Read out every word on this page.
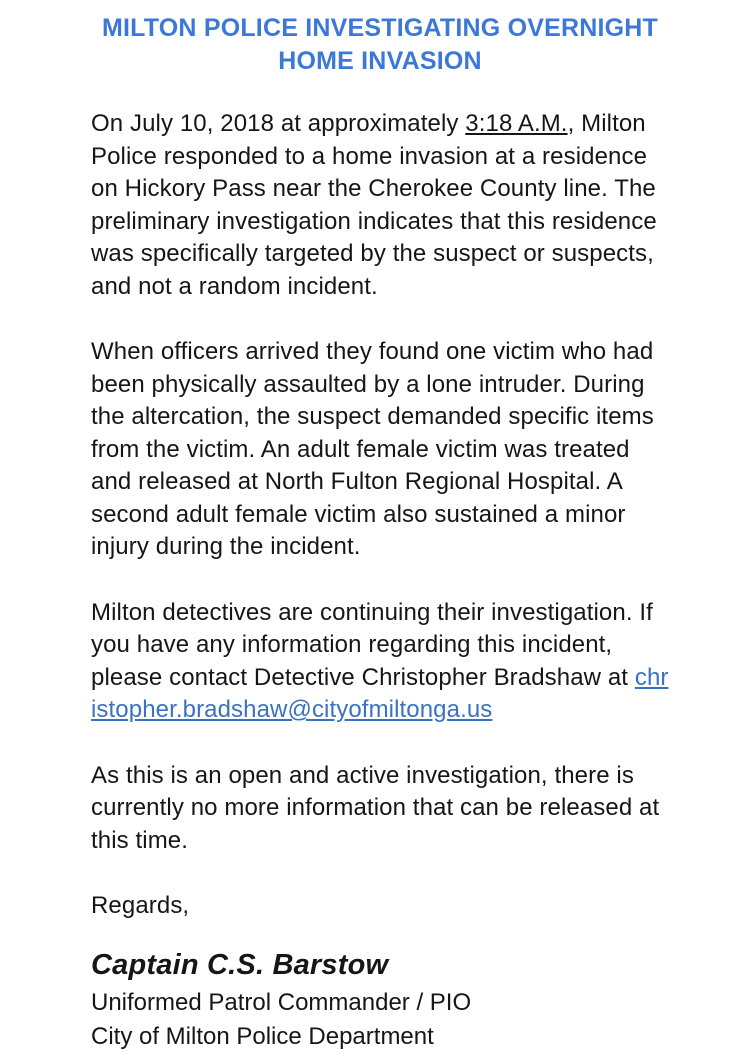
MILTON POLICE INVESTIGATING OVERNIGHT HOME INVASION

On July 10, 2018 at approximately 3:18 A.M., Milton Police responded to a home invasion at a residence on Hickory Pass near the Cherokee County line. The preliminary investigation indicates that this residence was specifically targeted by the suspect or suspects, and not a random incident.

When officers arrived they found one victim who had been physically assaulted by a lone intruder. During the altercation, the suspect demanded specific items from the victim. An adult female victim was treated and released at North Fulton Regional Hospital. A second adult female victim also sustained a minor injury during the incident.

Milton detectives are continuing their investigation. If you have any information regarding this incident, please contact Detective Christopher Bradshaw at christopher.bradshaw@cityofmiltonga.us

As this is an open and active investigation, there is currently no more information that can be released at this time.

Regards,

Captain C.S. Barstow
Uniformed Patrol Commander / PIO
City of Milton Police Department
